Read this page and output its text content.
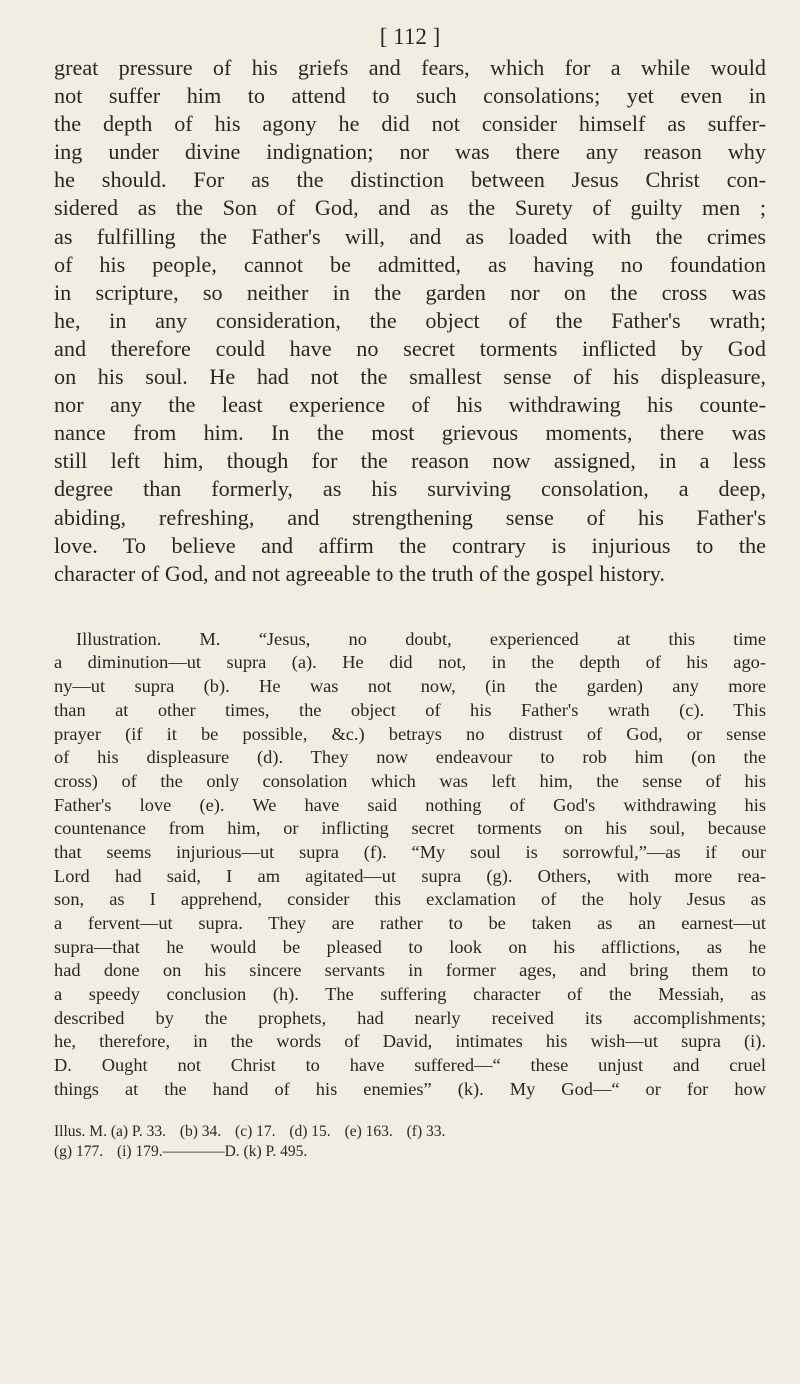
[ 112 ]

great pressure of his griefs and fears, which for a while would

not suffer him to attend to such consolations; yet even in

the depth of his agony he did not consider himself as suffer-

ing under divine indignation; nor was there any reason why

he should. For as the distinction between Jesus Christ con-

sidered as the Son of God, and as the Surety of guilty men ;

as fulfilling the Father's will, and as loaded with the crimes

of his people, cannot be admitted, as having no foundation

in scripture, so neither in the garden nor on the cross was

he, in any consideration, the object of the Father's wrath;

and therefore could have no secret torments inflicted by God

on his soul. He had not the smallest sense of his displeasure,

nor any the least experience of his withdrawing his counte-

nance from him. In the most grievous moments, there was

still left him, though for the reason now assigned, in a less

degree than formerly, as his surviving consolation, a deep,

abiding, refreshing, and strengthening sense of his Father's

love. To believe and affirm the contrary is injurious to the

character of God, and not agreeable to the truth of the gospel history.

Illustration. M. “Jesus, no doubt, experienced at this time

a diminution—ut supra (a). He did not, in the depth of his ago-

ny—ut supra (b). He was not now, (in the garden) any more

than at other times, the object of his Father's wrath (c). This

prayer (if it be possible, &c.) betrays no distrust of God, or sense

of his displeasure (d). They now endeavour to rob him (on the

cross) of the only consolation which was left him, the sense of his

Father's love (e). We have said nothing of God's withdrawing his

countenance from him, or inflicting secret torments on his soul, because

that seems injurious—ut supra (f). “My soul is sorrowful,”—as if our

Lord had said, I am agitated—ut supra (g). Others, with more rea-

son, as I apprehend, consider this exclamation of the holy Jesus as

a fervent—ut supra. They are rather to be taken as an earnest—ut

supra—that he would be pleased to look on his afflictions, as he

had done on his sincere servants in former ages, and bring them to

a speedy conclusion (h). The suffering character of the Messiah, as

described by the prophets, had nearly received its accomplishments;

he, therefore, in the words of David, intimates his wish—ut supra (i).

D. Ought not Christ to have suffered—“ these unjust and cruel

things at the hand of his enemies” (k). My God—“ or for how

Illus. M. (a) P. 33. (b) 34. (c) 17. (d) 15. (e) 163. (f) 33.

(g) 177. (i) 179.————D. (k) P. 495.
